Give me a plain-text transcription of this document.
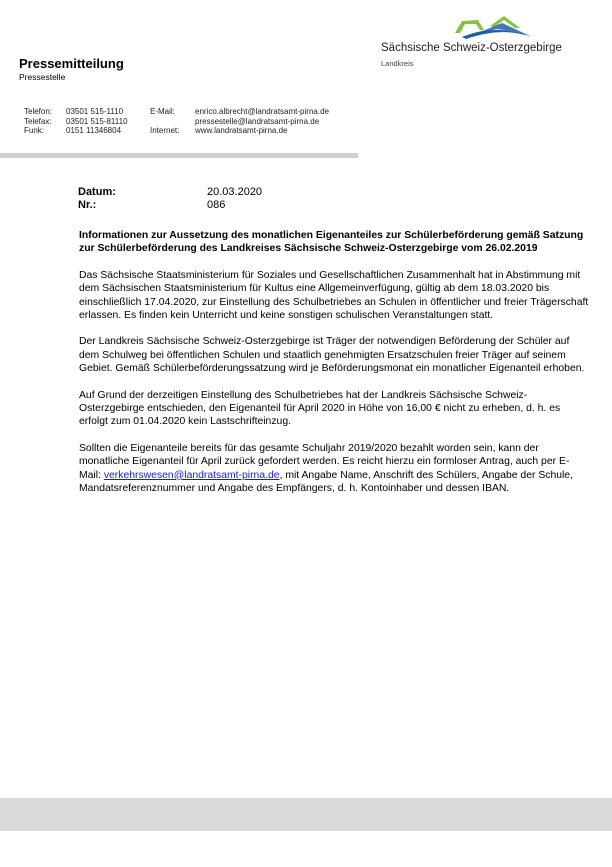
Pressemitteilung
Pressestelle
Telefon:
Telefax:
Funk:
03501 515-1110
03501 515-81110
0151 11346804
E-Mail:

Internet:
enrico.albrecht@landratsamt-pirna.de
pressestelle@landratsamt-pirna.de
www.landratsamt-pirna.de
Sächsische Schweiz-Osterzgebirge
Landkreis
Datum:
Nr.:
20.03.2020
086
Informationen zur Aussetzung des monatlichen Eigenanteiles zur Schülerbeförderung gemäß Satzung zur Schülerbeförderung des Landkreises Sächsische Schweiz-Osterzgebirge vom 26.02.2019

Das Sächsische Staatsministerium für Soziales und Gesellschaftlichen Zusammenhalt hat in Abstimmung mit dem Sächsischen Staatsministerium für Kultus eine Allgemeinverfügung, gültig ab dem 18.03.2020 bis einschließlich 17.04.2020, zur Einstellung des Schulbetriebes an Schulen in öffentlicher und freier Trägerschaft erlassen. Es finden kein Unterricht und keine sonstigen schulischen Veranstaltungen statt.

Der Landkreis Sächsische Schweiz-Osterzgebirge ist Träger der notwendigen Beförderung der Schüler auf dem Schulweg bei öffentlichen Schulen und staatlich genehmigten Ersatzschulen freier Träger auf seinem Gebiet. Gemäß Schülerbeförderungssatzung wird je Beförderungsmonat ein monatlicher Eigenanteil erhoben.

Auf Grund der derzeitigen Einstellung des Schulbetriebes hat der Landkreis Sächsische Schweiz-Osterzgebirge entschieden, den Eigenanteil für April 2020 in Höhe von 16,00 € nicht zu erheben, d. h. es erfolgt zum 01.04.2020 kein Lastschrifteinzug.

Sollten die Eigenanteile bereits für das gesamte Schuljahr 2019/2020 bezahlt worden sein, kann der monatliche Eigenanteil für April zurück gefordert werden. Es reicht hierzu ein formloser Antrag, auch per E-Mail: verkehrswesen@landratsamt-pirna.de, mit Angabe Name, Anschrift des Schülers, Angabe der Schule, Mandatsreferenznummer und Angabe des Empfängers, d. h. Kontoinhaber und dessen IBAN.
